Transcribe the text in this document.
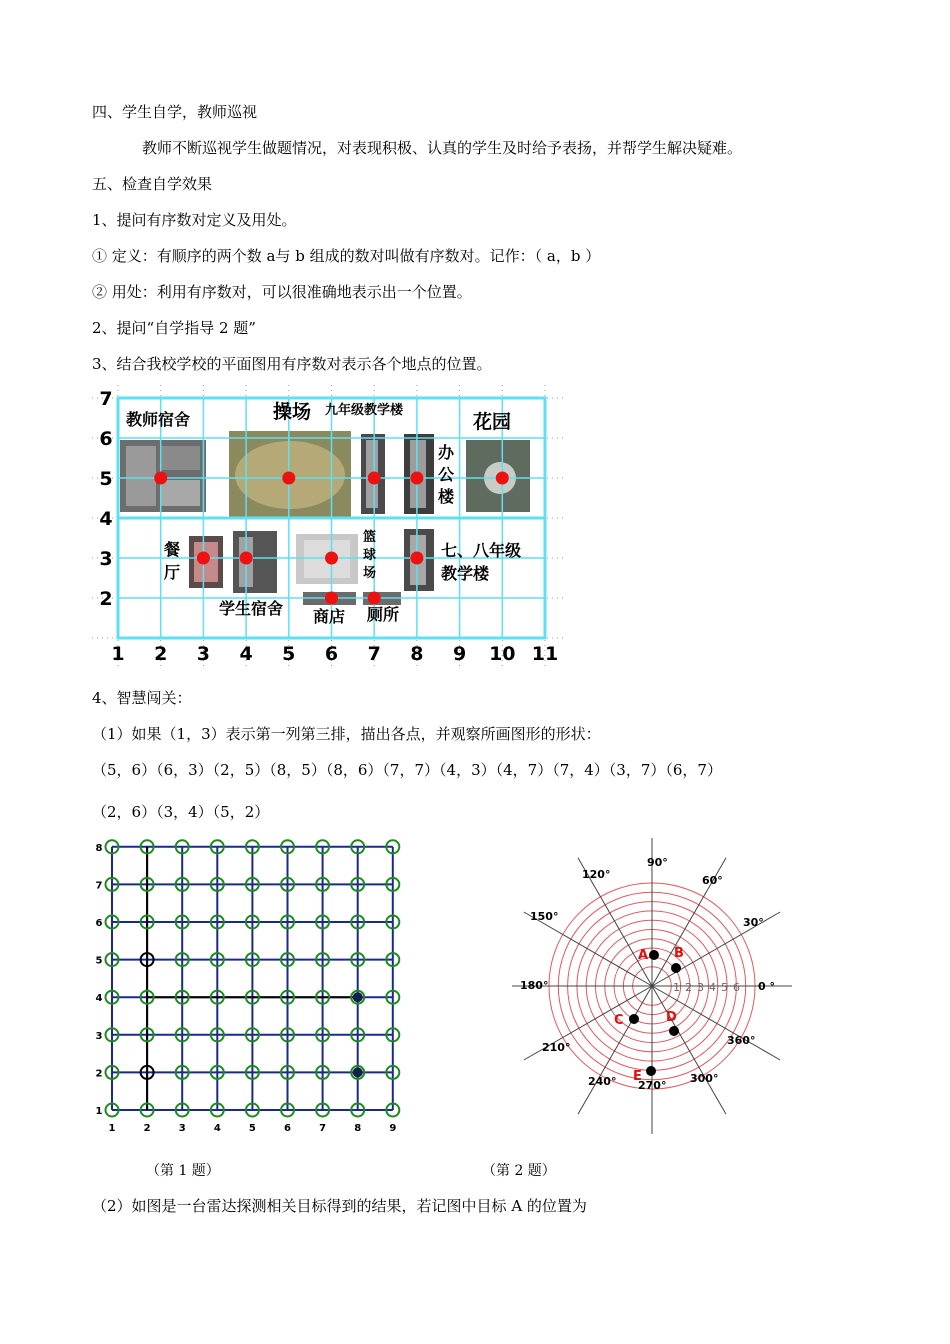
四、学生自学，教师巡视
教师不断巡视学生做题情况，对表现积极、认真的学生及时给予表扬，并帮学生解决疑难。
五、检查自学效果
1、提问有序数对定义及用处。
① 定义：有顺序的两个数 a与 b 组成的数对叫做有序数对。记作：（ a，b ）
② 用处：利用有序数对，可以很准确地表示出一个位置。
2、提问“自学指导 2 题”
3、结合我校学校的平面图用有序数对表示各个地点的位置。
1 2 3 4 5 6 7 8 9 10 11
2
3
4
5
6
7
教师宿舍	操场 九年级教学楼
花园
办
公
楼
餐
厅
篮
球
场
七、八年级
教学楼
学生宿舍 商店 厕所
4、智慧闯关：
（1）如果（1，3）表示第一列第三排，描出各点，并观察所画图形的形状：
（5，6）（6，3）（2，5）（8，5）（8，6）（7，7）（4，3）（4，7）（7，4）（3，7）（6，7）
（2，6）（3，4）（5，2）
1	2	3	4	5	6	7	8	9
1
2
3
4
5
6
7
8
90°
60°
30°
0 °
360°
300°
270°
240°
210°
180°
150°
120°
1 2 3 4 5 6
A B
C	D
E
（第 1 题）	（第 2 题）
（2）如图是一台雷达探测相关目标得到的结果，若记图中目标 A 的位置为
